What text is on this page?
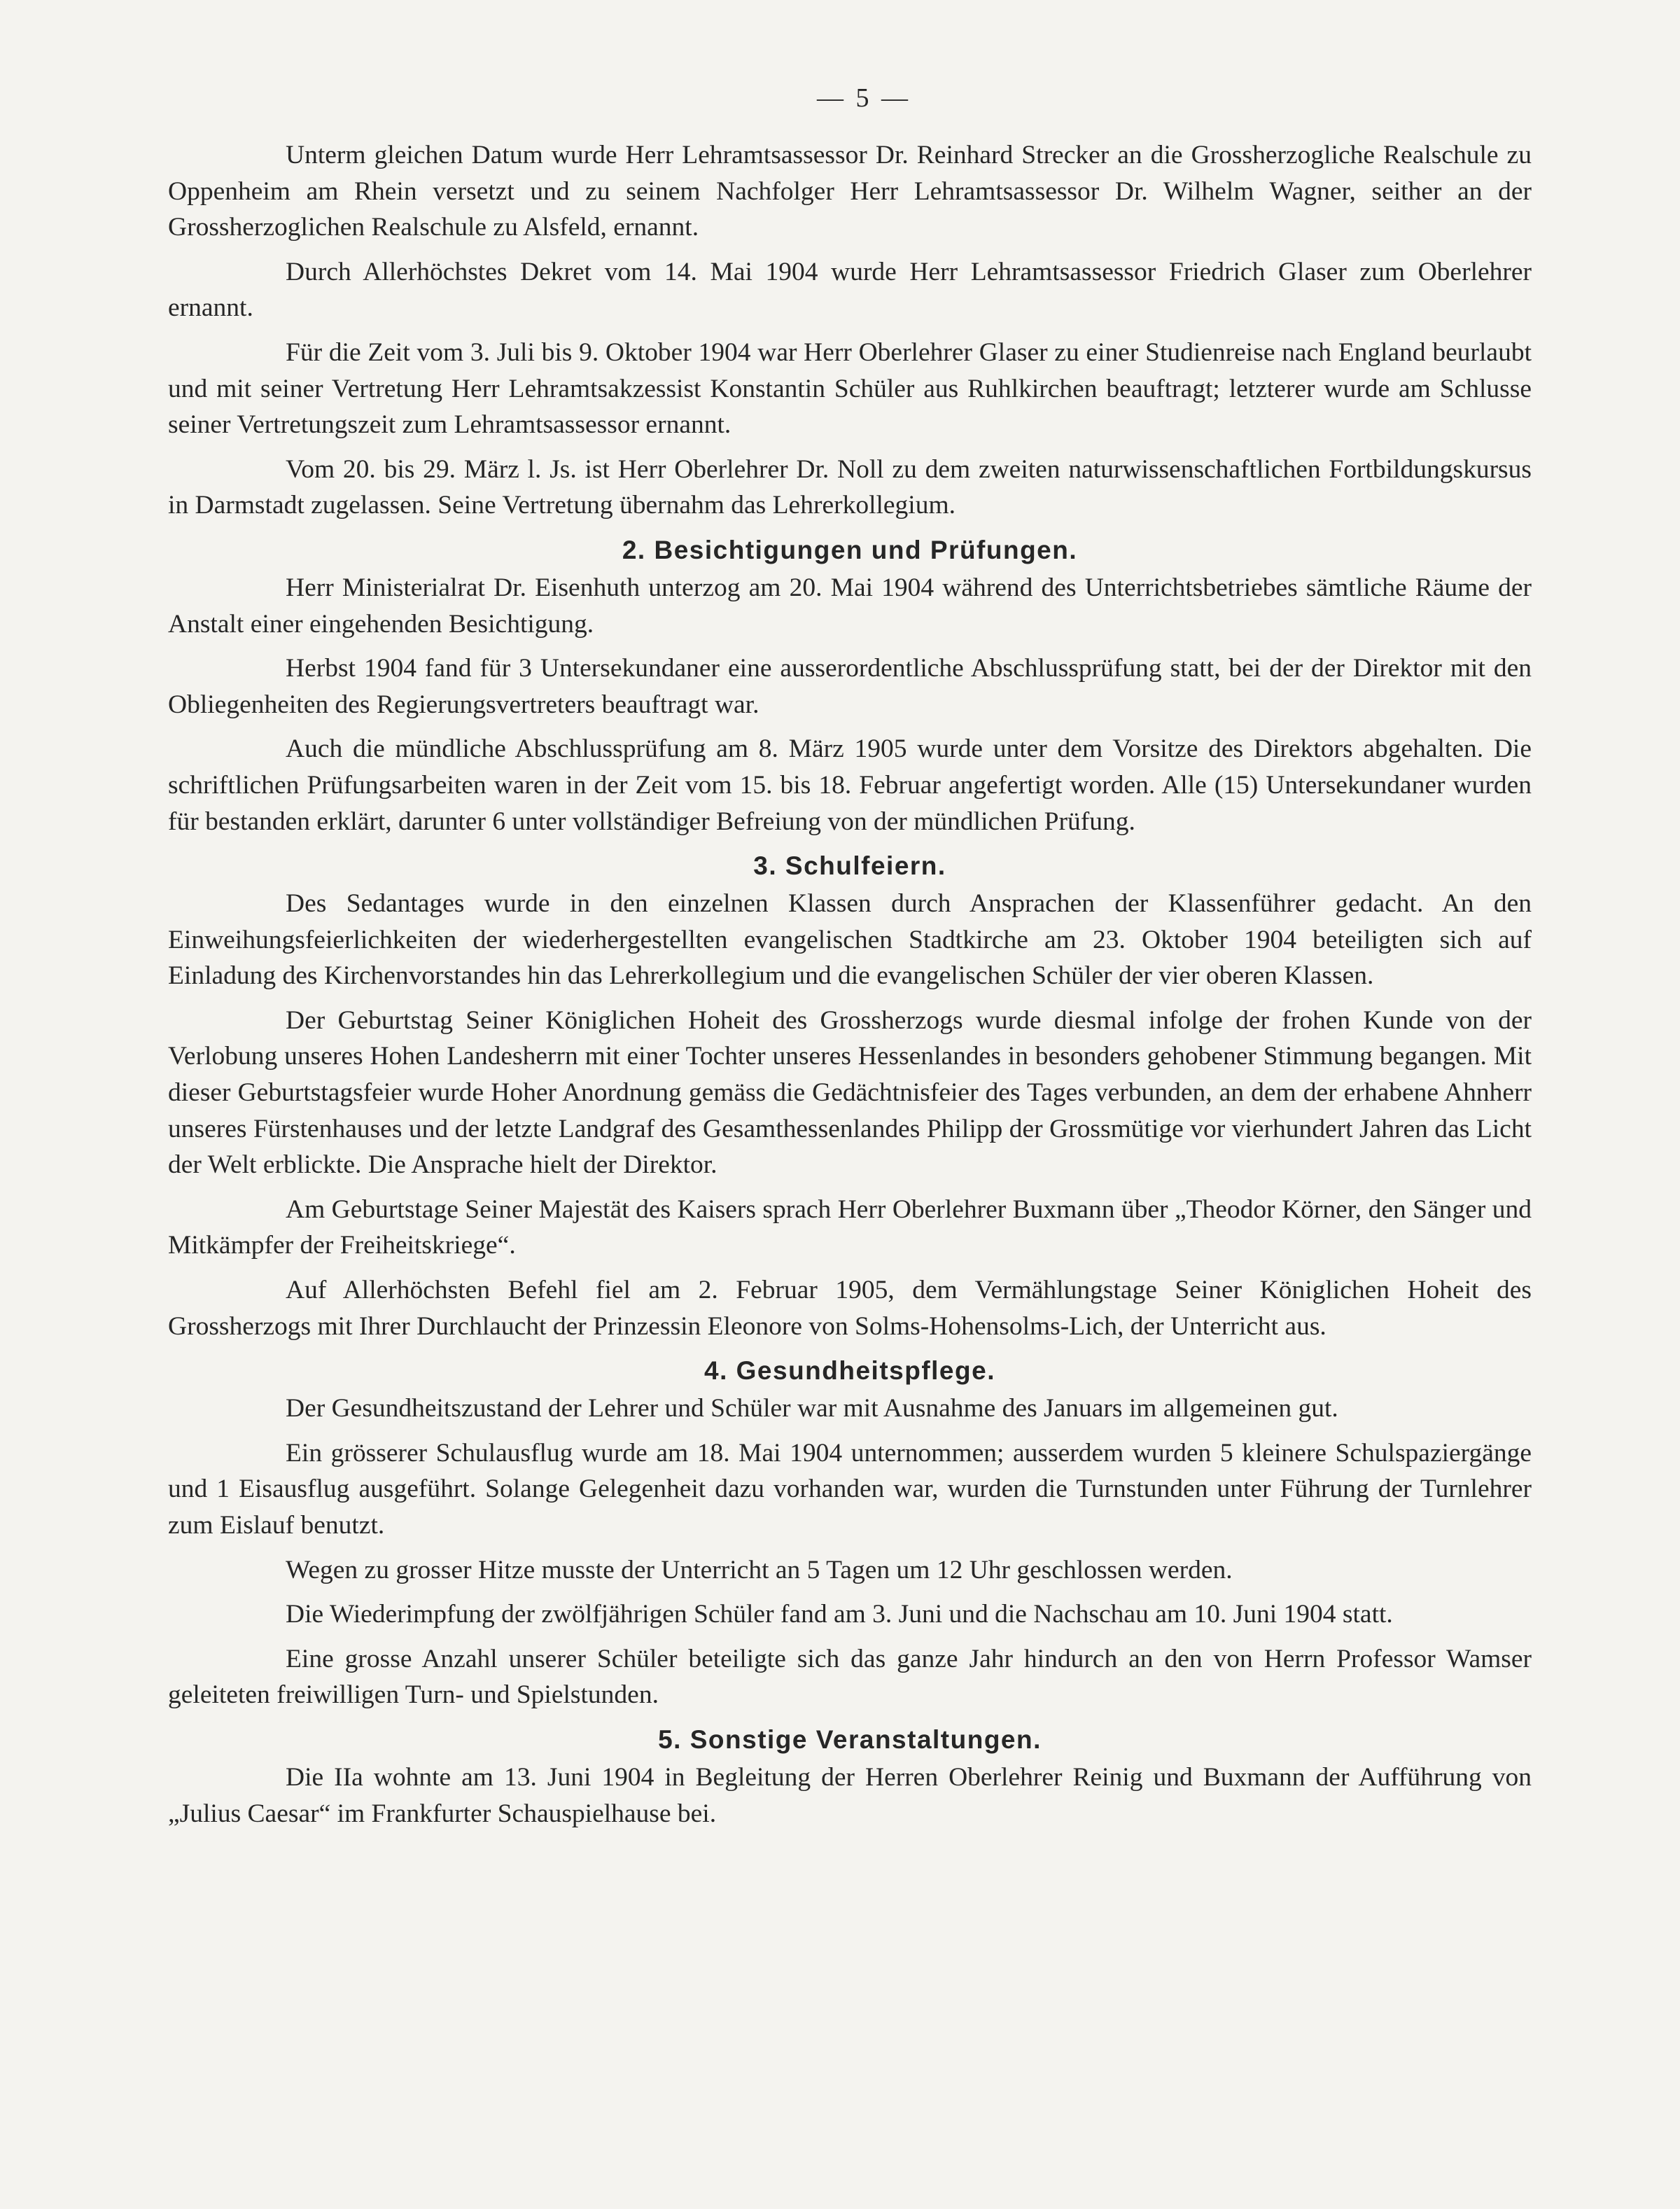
— 5 —

Unterm gleichen Datum wurde Herr Lehramtsassessor Dr. Reinhard Strecker an die Grossherzogliche Realschule zu Oppenheim am Rhein versetzt und zu seinem Nachfolger Herr Lehramtsassessor Dr. Wilhelm Wagner, seither an der Grossherzoglichen Realschule zu Alsfeld, ernannt.

Durch Allerhöchstes Dekret vom 14. Mai 1904 wurde Herr Lehramtsassessor Friedrich Glaser zum Oberlehrer ernannt.

Für die Zeit vom 3. Juli bis 9. Oktober 1904 war Herr Oberlehrer Glaser zu einer Studienreise nach England beurlaubt und mit seiner Vertretung Herr Lehramtsakzessist Konstantin Schüler aus Ruhlkirchen beauftragt; letzterer wurde am Schlusse seiner Vertretungszeit zum Lehramtsassessor ernannt.

Vom 20. bis 29. März l. Js. ist Herr Oberlehrer Dr. Noll zu dem zweiten naturwissenschaftlichen Fortbildungskursus in Darmstadt zugelassen. Seine Vertretung übernahm das Lehrerkollegium.

2. Besichtigungen und Prüfungen.

Herr Ministerialrat Dr. Eisenhuth unterzog am 20. Mai 1904 während des Unterrichtsbetriebes sämtliche Räume der Anstalt einer eingehenden Besichtigung.

Herbst 1904 fand für 3 Untersekundaner eine ausserordentliche Abschlussprüfung statt, bei der der Direktor mit den Obliegenheiten des Regierungsvertreters beauftragt war.

Auch die mündliche Abschlussprüfung am 8. März 1905 wurde unter dem Vorsitze des Direktors abgehalten. Die schriftlichen Prüfungsarbeiten waren in der Zeit vom 15. bis 18. Februar angefertigt worden. Alle (15) Untersekundaner wurden für bestanden erklärt, darunter 6 unter vollständiger Befreiung von der mündlichen Prüfung.

3. Schulfeiern.

Des Sedantages wurde in den einzelnen Klassen durch Ansprachen der Klassenführer gedacht. An den Einweihungsfeierlichkeiten der wiederhergestellten evangelischen Stadtkirche am 23. Oktober 1904 beteiligten sich auf Einladung des Kirchenvorstandes hin das Lehrerkollegium und die evangelischen Schüler der vier oberen Klassen.

Der Geburtstag Seiner Königlichen Hoheit des Grossherzogs wurde diesmal infolge der frohen Kunde von der Verlobung unseres Hohen Landesherrn mit einer Tochter unseres Hessenlandes in besonders gehobener Stimmung begangen. Mit dieser Geburtstagsfeier wurde Hoher Anordnung gemäss die Gedächtnisfeier des Tages verbunden, an dem der erhabene Ahnherr unseres Fürstenhauses und der letzte Landgraf des Gesamthessenlandes Philipp der Grossmütige vor vierhundert Jahren das Licht der Welt erblickte. Die Ansprache hielt der Direktor.

Am Geburtstage Seiner Majestät des Kaisers sprach Herr Oberlehrer Buxmann über „Theodor Körner, den Sänger und Mitkämpfer der Freiheitskriege“.

Auf Allerhöchsten Befehl fiel am 2. Februar 1905, dem Vermählungstage Seiner Königlichen Hoheit des Grossherzogs mit Ihrer Durchlaucht der Prinzessin Eleonore von Solms-Hohensolms-Lich, der Unterricht aus.

4. Gesundheitspflege.

Der Gesundheitszustand der Lehrer und Schüler war mit Ausnahme des Januars im allgemeinen gut.

Ein grösserer Schulausflug wurde am 18. Mai 1904 unternommen; ausserdem wurden 5 kleinere Schulspaziergänge und 1 Eisausflug ausgeführt. Solange Gelegenheit dazu vorhanden war, wurden die Turnstunden unter Führung der Turnlehrer zum Eislauf benutzt.

Wegen zu grosser Hitze musste der Unterricht an 5 Tagen um 12 Uhr geschlossen werden.

Die Wiederimpfung der zwölfjährigen Schüler fand am 3. Juni und die Nachschau am 10. Juni 1904 statt.

Eine grosse Anzahl unserer Schüler beteiligte sich das ganze Jahr hindurch an den von Herrn Professor Wamser geleiteten freiwilligen Turn- und Spielstunden.

5. Sonstige Veranstaltungen.

Die IIa wohnte am 13. Juni 1904 in Begleitung der Herren Oberlehrer Reinig und Buxmann der Aufführung von „Julius Caesar“ im Frankfurter Schauspielhause bei.
